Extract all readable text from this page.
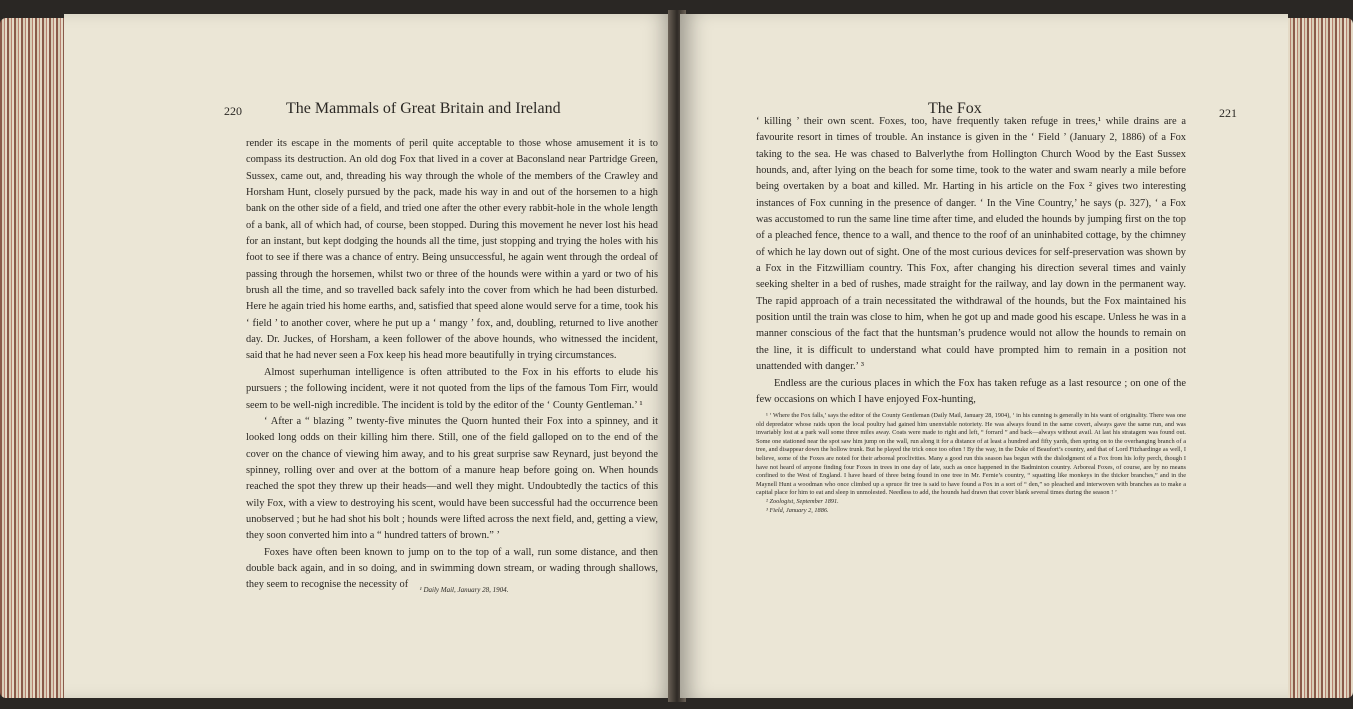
220	The Mammals of Great Britain and Ireland

render its escape in the moments of peril quite acceptable to those whose amusement it is to compass its destruction. An old dog Fox that lived in a cover at Baconsland near Partridge Green, Sussex, came out, and, threading his way through the whole of the members of the Crawley and Horsham Hunt, closely pursued by the pack, made his way in and out of the horsemen to a high bank on the other side of a field, and tried one after the other every rabbit-hole in the whole length of a bank, all of which had, of course, been stopped. During this movement he never lost his head for an instant, but kept dodging the hounds all the time, just stopping and trying the holes with his foot to see if there was a chance of entry. Being unsuccessful, he again went through the ordeal of passing through the horsemen, whilst two or three of the hounds were within a yard or two of his brush all the time, and so travelled back safely into the cover from which he had been disturbed. Here he again tried his home earths, and, satisfied that speed alone would serve for a time, took his ‘ field ’ to another cover, where he put up a ‘ mangy ’ fox, and, doubling, returned to live another day. Dr. Juckes, of Horsham, a keen follower of the above hounds, who witnessed the incident, said that he had never seen a Fox keep his head more beautifully in trying circumstances.

Almost superhuman intelligence is often attributed to the Fox in his efforts to elude his pursuers ; the following incident, were it not quoted from the lips of the famous Tom Firr, would seem to be well-nigh incredible. The incident is told by the editor of the ‘ County Gentleman.’ ¹

‘ After a “ blazing ” twenty-five minutes the Quorn hunted their Fox into a spinney, and it looked long odds on their killing him there. Still, one of the field galloped on to the end of the cover on the chance of viewing him away, and to his great surprise saw Reynard, just beyond the spinney, rolling over and over at the bottom of a manure heap before going on. When hounds reached the spot they threw up their heads—and well they might. Undoubtedly the tactics of this wily Fox, with a view to destroying his scent, would have been successful had the occurrence been unobserved ; but he had shot his bolt ; hounds were lifted across the next field, and, getting a view, they soon converted him into a “ hundred tatters of brown.” ’

Foxes have often been known to jump on to the top of a wall, run some distance, and then double back again, and in so doing, and in swimming down stream, or wading through shallows, they seem to recognise the necessity of	¹ Daily Mail, January 28, 1904.

The Fox	221

‘ killing ’ their own scent. Foxes, too, have frequently taken refuge in trees,¹ while drains are a favourite resort in times of trouble. An instance is given in the ‘ Field ’ (January 2, 1886) of a Fox taking to the sea. He was chased to Balverlythe from Hollington Church Wood by the East Sussex hounds, and, after lying on the beach for some time, took to the water and swam nearly a mile before being overtaken by a boat and killed. Mr. Harting in his article on the Fox ² gives two interesting instances of Fox cunning in the presence of danger. ‘ In the Vine Country,’ he says (p. 327), ‘ a Fox was accustomed to run the same line time after time, and eluded the hounds by jumping first on the top of a pleached fence, thence to a wall, and thence to the roof of an uninhabited cottage, by the chimney of which he lay down out of sight. One of the most curious devices for self-preservation was shown by a Fox in the Fitzwilliam country. This Fox, after changing his direction several times and vainly seeking shelter in a bed of rushes, made straight for the railway, and lay down in the permanent way. The rapid approach of a train necessitated the withdrawal of the hounds, but the Fox maintained his position until the train was close to him, when he got up and made good his escape. Unless he was in a manner conscious of the fact that the huntsman’s prudence would not allow the hounds to remain on the line, it is difficult to understand what could have prompted him to remain in a position not unattended with danger.’ ³

Endless are the curious places in which the Fox has taken refuge as a last resource ; on one of the few occasions on which I have enjoyed Fox-hunting,

¹ ‘ Where the Fox falls,’ says the editor of the County Gentleman (Daily Mail, January 28, 1904), ‘ in his cunning is generally in his want of originality. There was one old depredator whose raids upon the local poultry had gained him unenviable notoriety. He was always found in the same covert, always gave the same run, and was invariably lost at a park wall some three miles away. Coats were made to right and left, “ forrard ” and back—always without avail. At last his stratagem was found out. Some one stationed near the spot saw him jump on the wall, run along it for a distance of at least a hundred and fifty yards, then spring on to the overhanging branch of a tree, and disappear down the hollow trunk. But he played the trick once too often ! By the way, in the Duke of Beaufort’s country, and that of Lord Fitzhardinge as well, I believe, some of the Foxes are noted for their arboreal proclivities. Many a good run this season has begun with the dislodgment of a Fox from his lofty perch, though I have not heard of anyone finding four Foxes in trees in one day of late, such as once happened in the Badminton country. Arboreal Foxes, of course, are by no means confined to the West of England. I have heard of three being found in one tree in Mr. Fernie’s country, “ squatting like monkeys in the thicker branches,” and in the Maynell Hunt a woodman who once climbed up a spruce fir tree is said to have found a Fox in a sort of “ den,” so pleached and interwoven with branches as to make a capital place for him to eat and sleep in unmolested. Needless to add, the hounds had drawn that cover blank several times during the season ! ’

² Zoologist, September 1891.

³ Field, January 2, 1886.
